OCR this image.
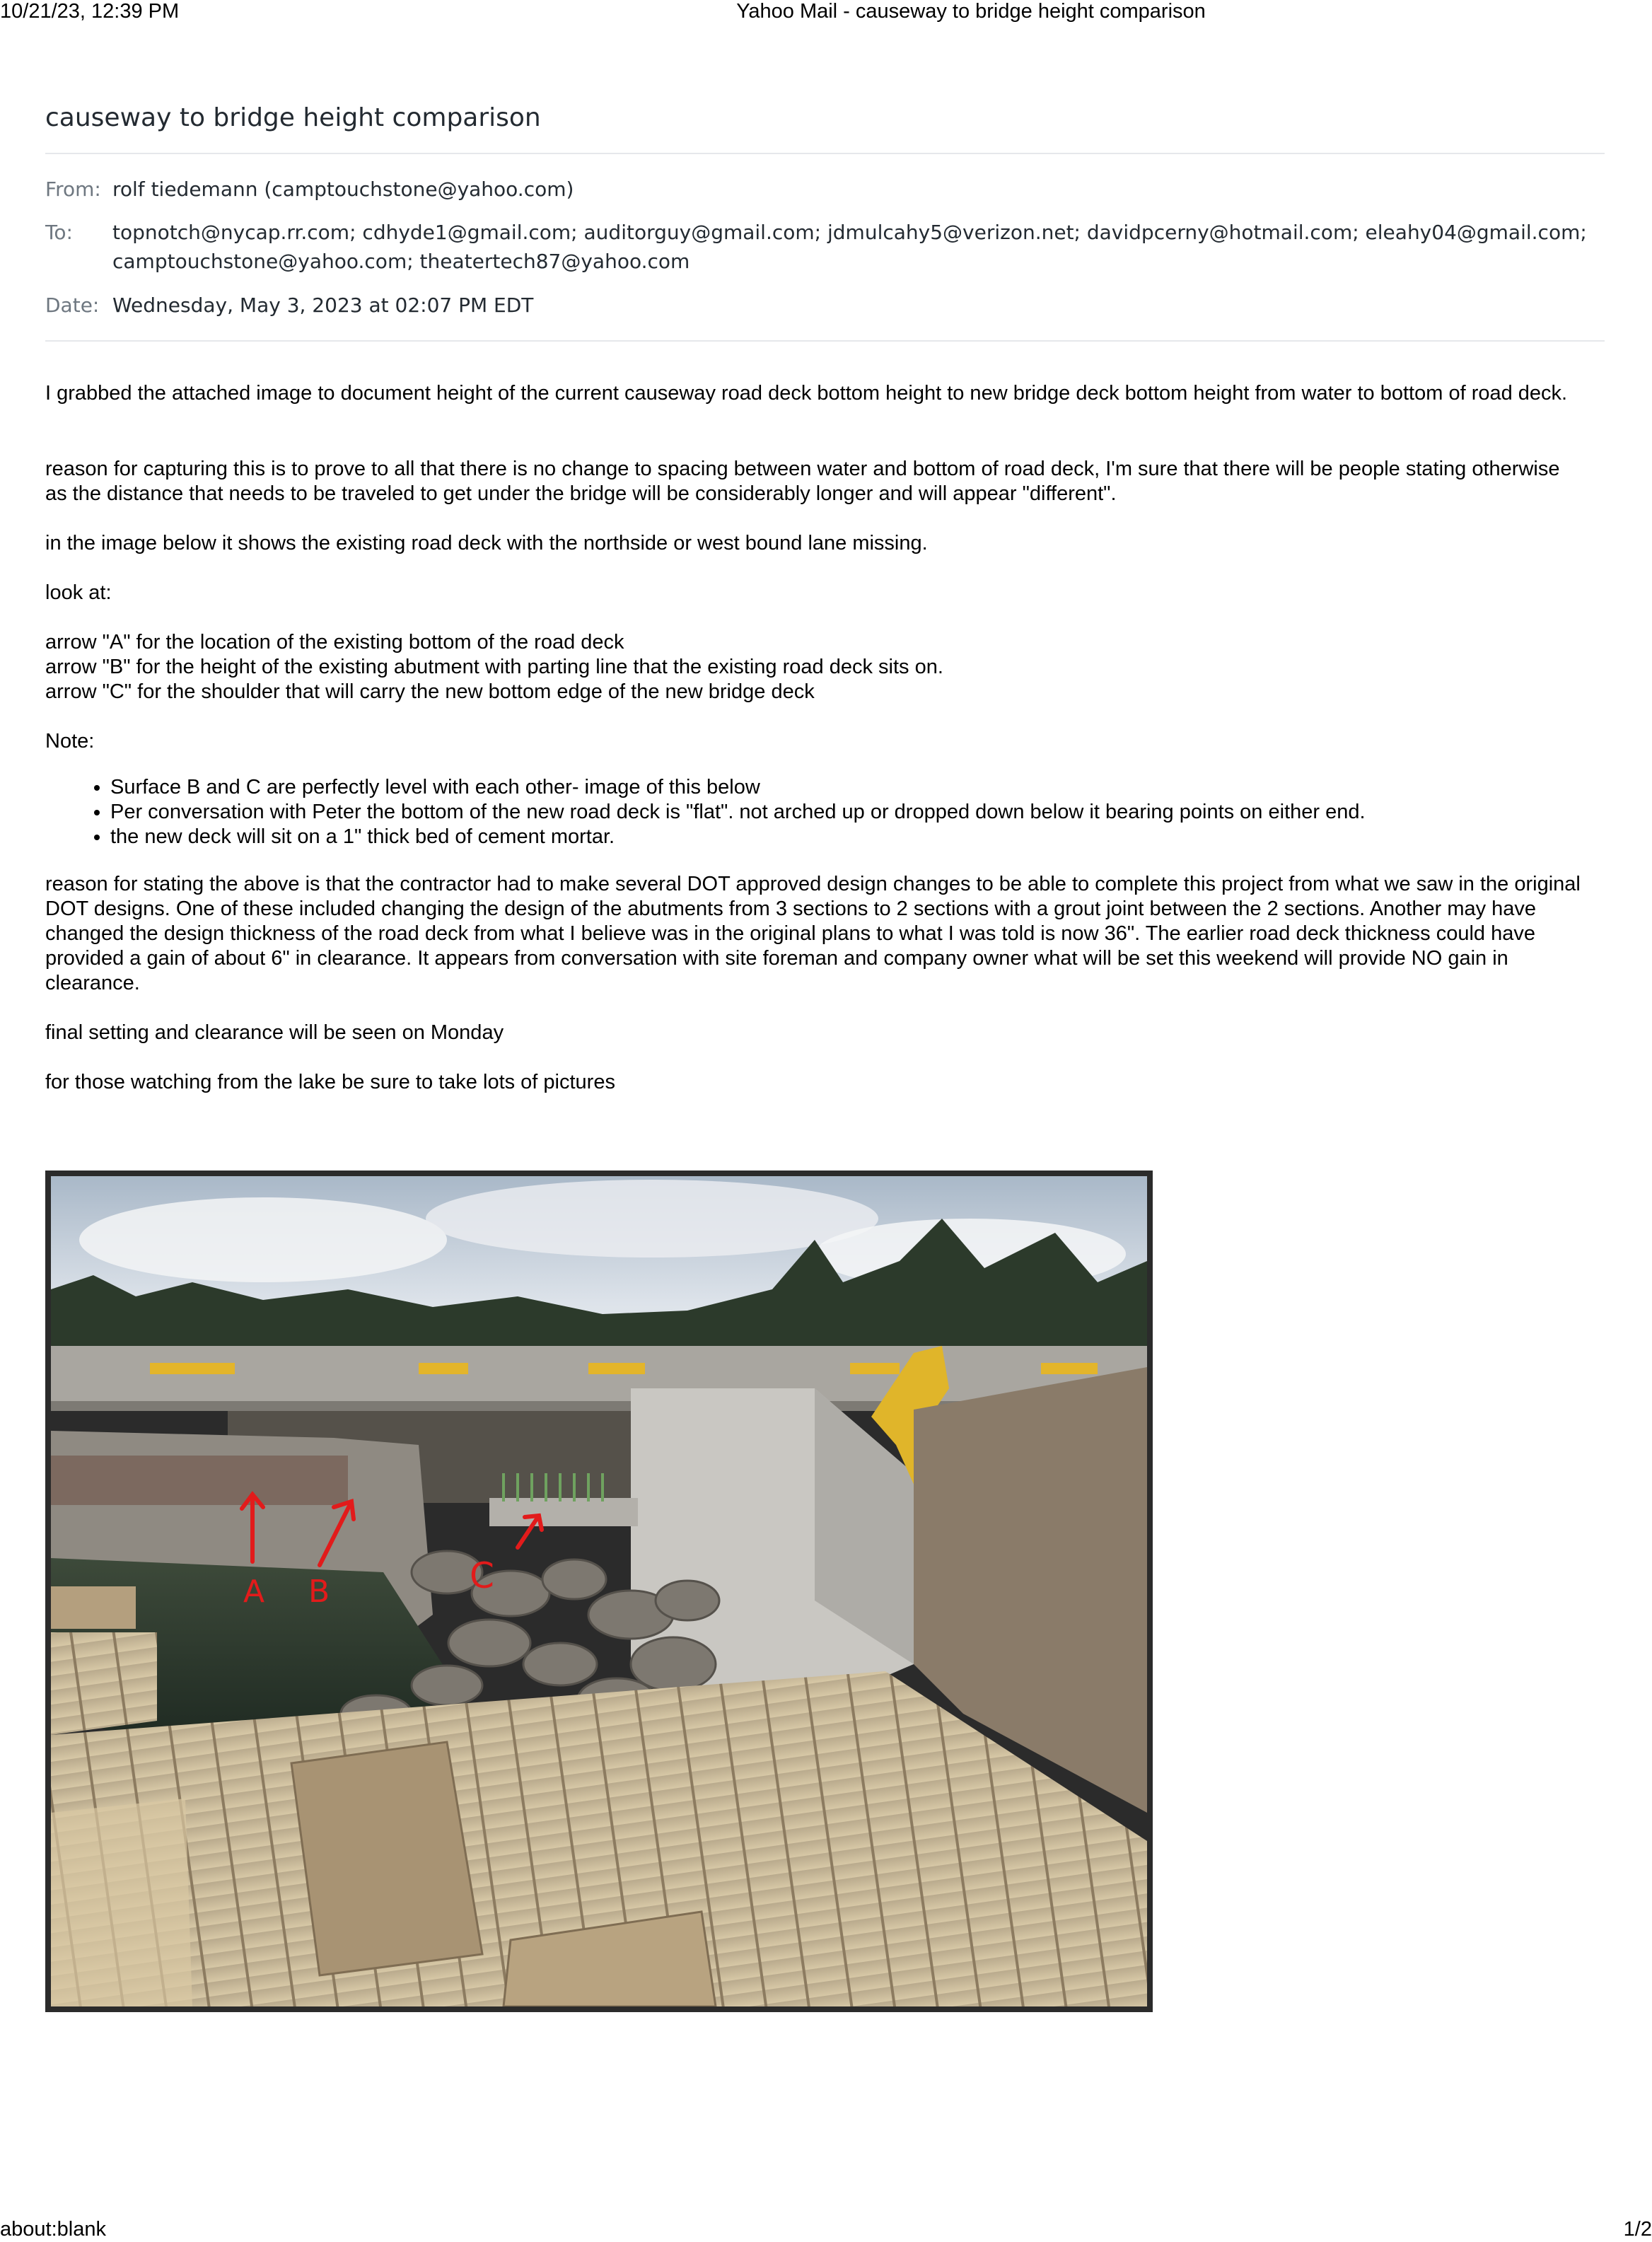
10/21/23, 12:39 PM	Yahoo Mail - causeway to bridge height comparison
causeway to bridge height comparison
From: rolf tiedemann (camptouchstone@yahoo.com)
To: topnotch@nycap.rr.com; cdhyde1@gmail.com; auditorguy@gmail.com; jdmulcahy5@verizon.net; davidpcerny@hotmail.com; eleahy04@gmail.com; camptouchstone@yahoo.com; theatertech87@yahoo.com
Date: Wednesday, May 3, 2023 at 02:07 PM EDT
I grabbed the attached image to document height of the current causeway road deck bottom height to new bridge deck bottom height from water to bottom of road deck.
reason for capturing this is to prove to all that there is no change to spacing between water and bottom of road deck, I'm sure that there will be people stating otherwise as the distance that needs to be traveled to get under the bridge will be considerably longer and will appear "different".
in the image below it shows the existing road deck with the northside or west bound lane missing.
look at:

arrow "A" for the location of the existing bottom of the road deck

arrow "B" for the height of the existing abutment with parting line that the existing road deck sits on.

arrow "C" for the shoulder that will carry the new bottom edge of the new bridge deck

Note:
• Surface B and C are perfectly level with each other- image of this below
• Per conversation with Peter the bottom of the new road deck is "flat". not arched up or dropped down below it bearing points on either end.
• the new deck will sit on a 1" thick bed of cement mortar.
reason for stating the above is that the contractor had to make several DOT approved design changes to be able to complete this project from what we saw in the original DOT designs. One of these included changing the design of the abutments from 3 sections to 2 sections with a grout joint between the 2 sections. Another may have changed the design thickness of the road deck from what I believe was in the original plans to what I was told is now 36". The earlier road deck thickness could have provided a gain of about 6" in clearance. It appears from conversation with site foreman and company owner what will be set this weekend will provide NO gain in clearance.
final setting and clearance will be seen on Monday
for those watching from the lake be sure to take lots of pictures
A B	C
about:blank	1/2
